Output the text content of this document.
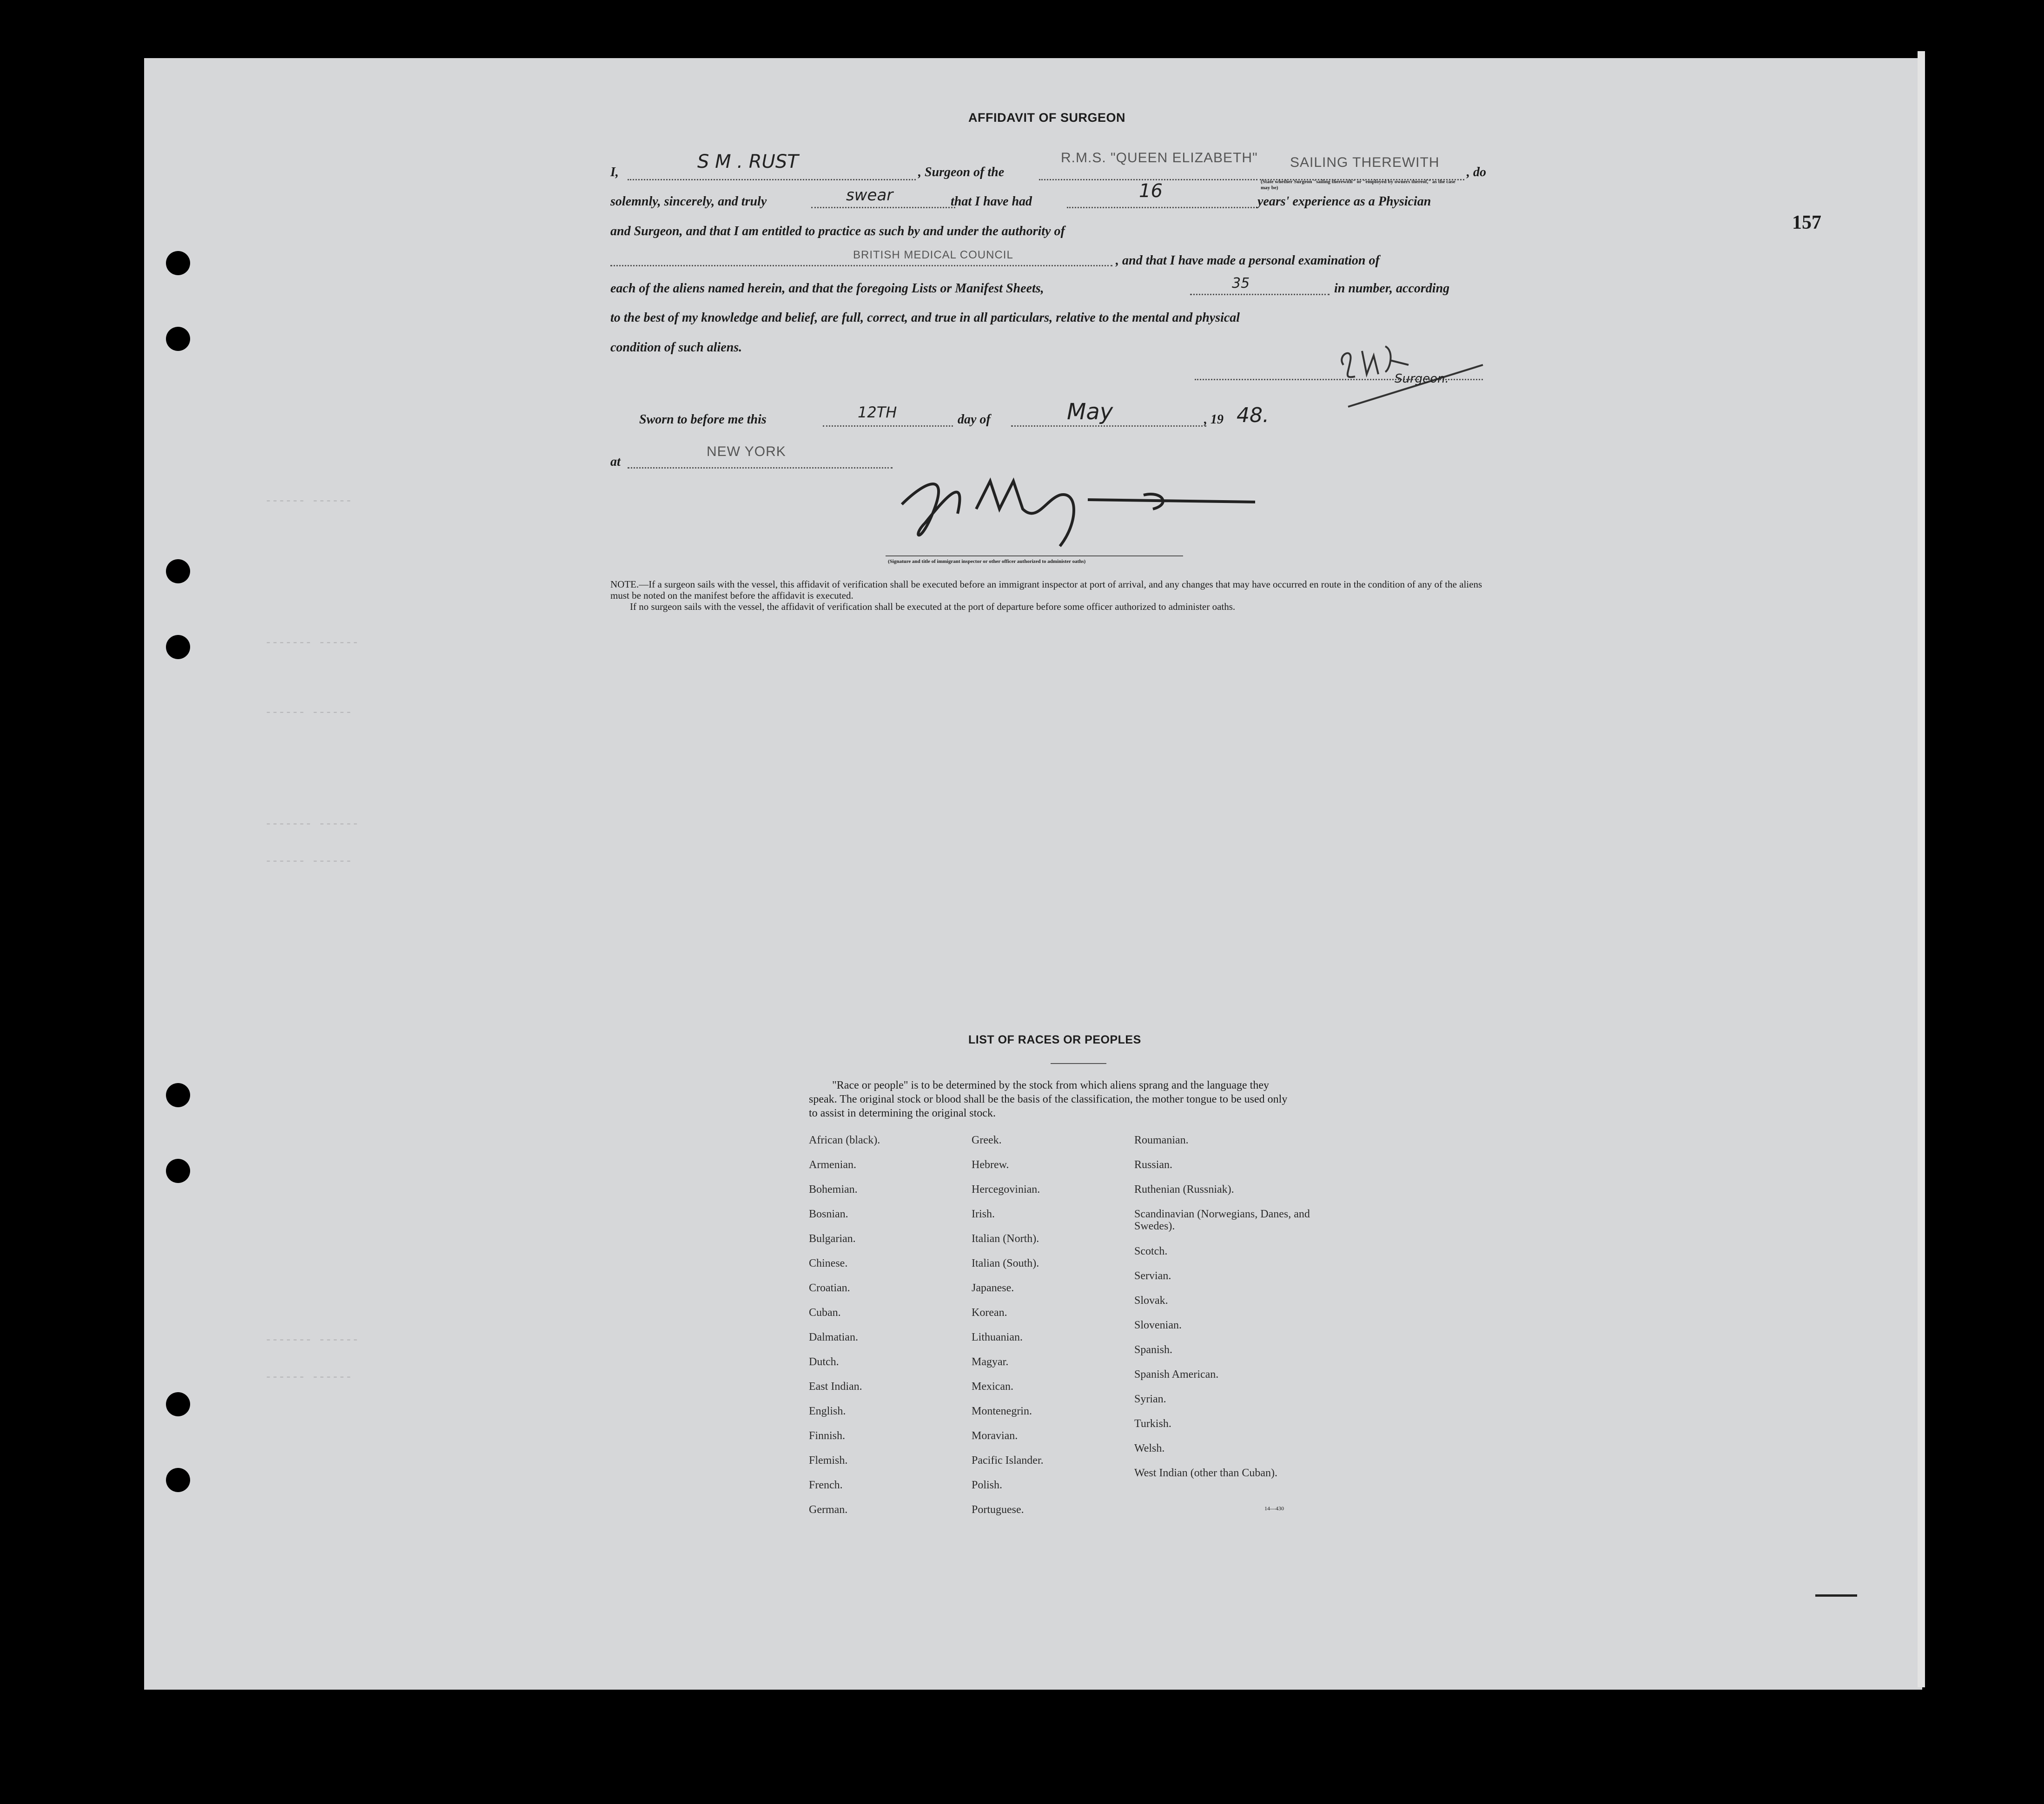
157
------ ------
------- ------
------ ------
------- ------
------ ------
------- ------
------ ------
AFFIDAVIT OF SURGEON
I,	S M . RUST	, Surgeon of the
R.M.S. "QUEEN ELIZABETH" SAILING THEREWITH
, do
solemnly, sincerely, and truly	swear	that I have had	16	(State whether Surgeon "sailing therewith" or "employed by owners thereof," as the case may be)
years' experience as a Physician
and Surgeon, and that I am entitled to practice as such by and under the authority of
BRITISH MEDICAL COUNCIL	, and that I have made a personal examination of
each of the aliens named herein, and that the foregoing Lists or Manifest Sheets,	35	in number, according
to the best of my knowledge and belief, are full, correct, and true in all particulars, relative to the mental and physical
condition of such aliens.
Surgeon.
Sworn to before me this	12TH	day of	May	, 19 48.
at
NEW YORK
(Signature and title of immigrant inspector or other officer authorized to administer oaths)
NOTE.—If a surgeon sails with the vessel, this affidavit of verification shall be executed before an immigrant inspector at port of arrival, and any changes that may have occurred en route in the condition of any of the aliens must be noted on the manifest before the affidavit is executed.
If no surgeon sails with the vessel, the affidavit of verification shall be executed at the port of departure before some officer authorized to administer oaths.
LIST OF RACES OR PEOPLES
"Race or people" is to be determined by the stock from which aliens sprang and the language they speak. The original stock or blood shall be the basis of the classification, the mother tongue to be used only to assist in determining the original stock.
African (black).
Armenian.
Bohemian.
Bosnian.
Bulgarian.
Chinese.
Croatian.
Cuban.
Dalmatian.
Dutch.
East Indian.
English.
Finnish.
Flemish.
French.
German.
Greek.
Hebrew.
Hercegovinian.
Irish.
Italian (North).
Italian (South).
Japanese.
Korean.
Lithuanian.
Magyar.
Mexican.
Montenegrin.
Moravian.
Pacific Islander.
Polish.
Portuguese.
Roumanian.
Russian.
Ruthenian (Russniak).
Scandinavian (Norwegians, Danes, and Swedes).
Scotch.
Servian.
Slovak.
Slovenian.
Spanish.
Spanish American.
Syrian.
Turkish.
Welsh.
West Indian (other than Cuban).
14—430
